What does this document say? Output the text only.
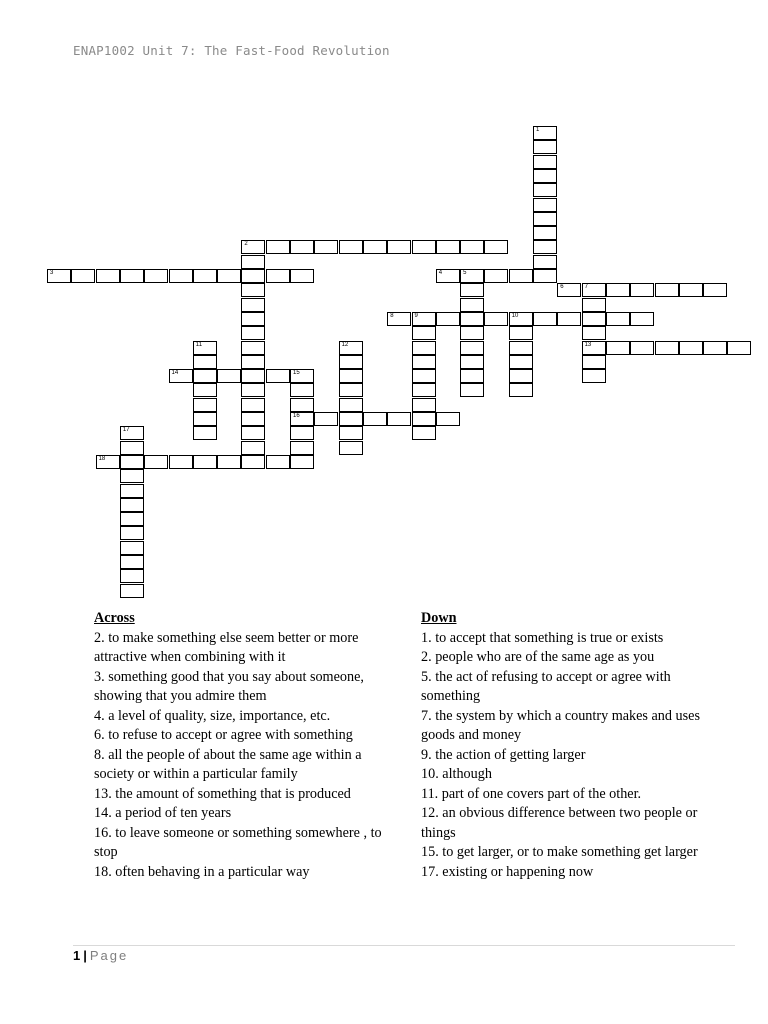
ENAP1002 Unit 7: The Fast-Food Revolution
1
2
3	4	5
6	7
13
8	9	10
11	12
14	15
16
17
18
Across
2. to make something else seem better or more attractive when combining with it
3. something good that you say about someone, showing that you admire them
4. a level of quality, size, importance, etc.
6. to refuse to accept or agree with something
8. all the people of about the same age within a society or within a particular family
13. the amount of something that is produced
14. a period of ten years
16. to leave someone or something somewhere , to stop
18. often behaving in a particular way
Down
1. to accept that something is true or exists
2. people who are of the same age as you
5. the act of refusing to accept or agree with something
7. the system by which a country makes and uses goods and money
9. the action of getting larger
10. although
11. part of one covers part of the other.
12. an obvious difference between two people or things
15. to get larger, or to make something get larger
17. existing or happening now
1 | Page
